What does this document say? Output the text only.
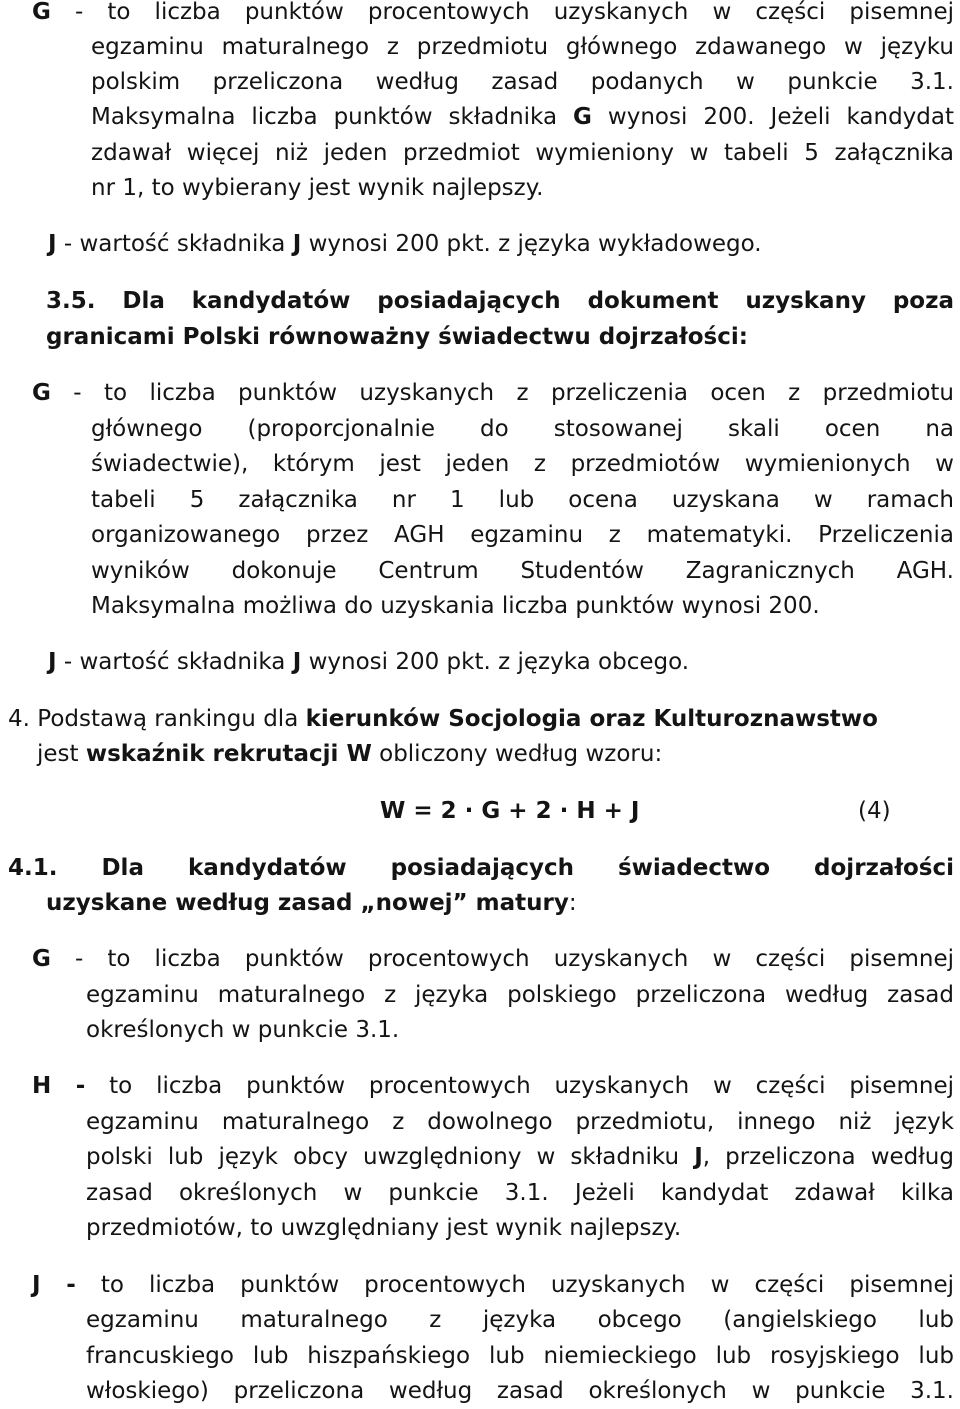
G - to liczba punktów procentowych uzyskanych w części pisemnej
egzaminu maturalnego z przedmiotu głównego zdawanego w języku
polskim przeliczona według zasad podanych w punkcie 3.1.
Maksymalna liczba punktów składnika G wynosi 200. Jeżeli kandydat
zdawał więcej niż jeden przedmiot wymieniony w tabeli 5 załącznika
nr 1, to wybierany jest wynik najlepszy.
J - wartość składnika J wynosi 200 pkt. z języka wykładowego.
3.5. Dla kandydatów posiadających dokument uzyskany poza
granicami Polski równoważny świadectwu dojrzałości:
G - to liczba punktów uzyskanych z przeliczenia ocen z przedmiotu
głównego (proporcjonalnie do stosowanej skali ocen na
świadectwie), którym jest jeden z przedmiotów wymienionych w
tabeli 5 załącznika nr 1 lub ocena uzyskana w ramach
organizowanego przez AGH egzaminu z matematyki. Przeliczenia
wyników dokonuje Centrum Studentów Zagranicznych AGH.
Maksymalna możliwa do uzyskania liczba punktów wynosi 200.
J - wartość składnika J wynosi 200 pkt. z języka obcego.
4. Podstawą rankingu dla kierunków Socjologia oraz Kulturoznawstwo
jest wskaźnik rekrutacji W obliczony według wzoru:
W = 2 · G + 2 · H + J	(4)
4.1. Dla kandydatów posiadających świadectwo dojrzałości
uzyskane według zasad „nowej” matury:
G - to liczba punktów procentowych uzyskanych w części pisemnej
egzaminu maturalnego z języka polskiego przeliczona według zasad
określonych w punkcie 3.1.
H - to liczba punktów procentowych uzyskanych w części pisemnej
egzaminu maturalnego z dowolnego przedmiotu, innego niż język
polski lub język obcy uwzględniony w składniku J, przeliczona według
zasad określonych w punkcie 3.1. Jeżeli kandydat zdawał kilka
przedmiotów, to uwzględniany jest wynik najlepszy.
J - to liczba punktów procentowych uzyskanych w części pisemnej
egzaminu maturalnego z języka obcego (angielskiego lub
francuskiego lub hiszpańskiego lub niemieckiego lub rosyjskiego lub
włoskiego) przeliczona według zasad określonych w punkcie 3.1.
